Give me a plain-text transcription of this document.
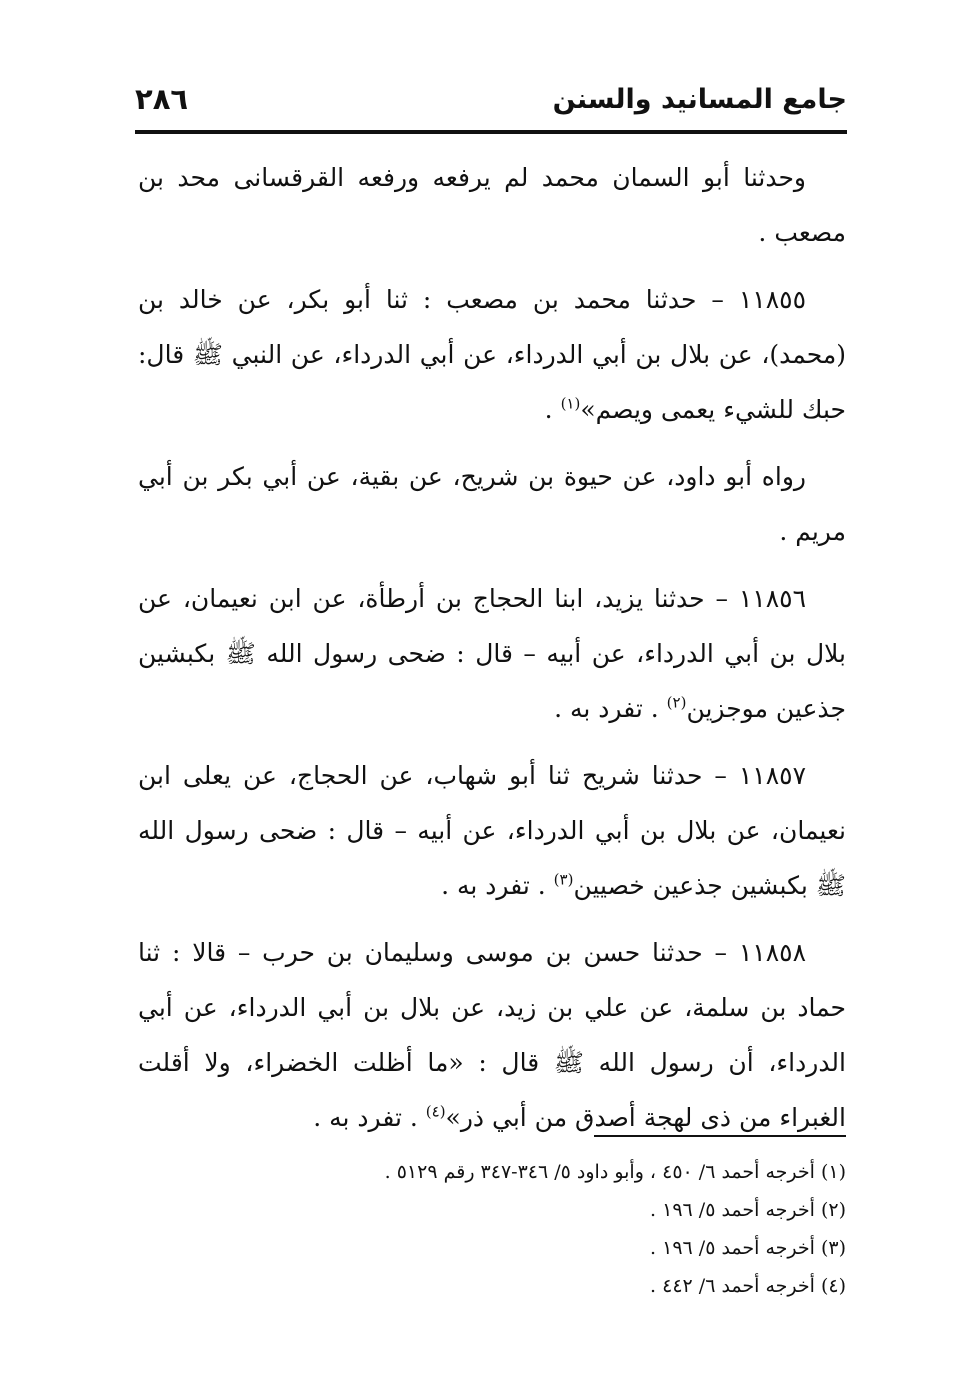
جامع المسانيد والسنن
٢٨٦

وحدثنا أبو السمان محمد لم يرفعه ورفعه القرقسانى محد بن مصعب .

١١٨٥٥ – حدثنا محمد بن مصعب : ثنا أبو بكر، عن خالد بن (محمد)، عن بلال بن أبي الدرداء، عن أبي الدرداء، عن النبي ﷺ قال: حبك للشيء يعمى ويصم»$^{(١)}$ .

رواه أبو داود، عن حيوة بن شريح، عن بقية، عن أبي بكر بن أبي مريم .

١١٨٥٦ – حدثنا يزيد، ابنا الحجاج بن أرطأة، عن ابن نعيمان، عن بلال بن أبي الدرداء، عن أبيه – قال : ضحى رسول الله ﷺ بكبشين جذعين موجزين$^{(٢)}$ . تفرد به .

١١٨٥٧ – حدثنا شريح ثنا أبو شهاب، عن الحجاج، عن يعلى ابن نعيمان، عن بلال بن أبي الدرداء، عن أبيه – قال : ضحى رسول الله ﷺ بكبشين جذعين خصيين$^{(٣)}$ . تفرد به .

١١٨٥٨ – حدثنا حسن بن موسى وسليمان بن حرب – قالا : ثنا حماد بن سلمة، عن علي بن زيد، عن بلال بن أبي الدرداء، عن أبي الدرداء، أن رسول الله ﷺ قال : «ما أظلت الخضراء، ولا أقلت الغبراء من ذى لهجة أصدق من أبي ذر»$^{(٤)}$ . تفرد به .

(١) أخرجه أحمد ٦/ ٤٥٠ ، وأبو داود ٥/ ٣٤٦-٣٤٧ رقم ٥١٢٩ .

(٢) أخرجه أحمد ٥/ ١٩٦ .

(٣) أخرجه أحمد ٥/ ١٩٦ .

(٤) أخرجه أحمد ٦/ ٤٤٢ .
